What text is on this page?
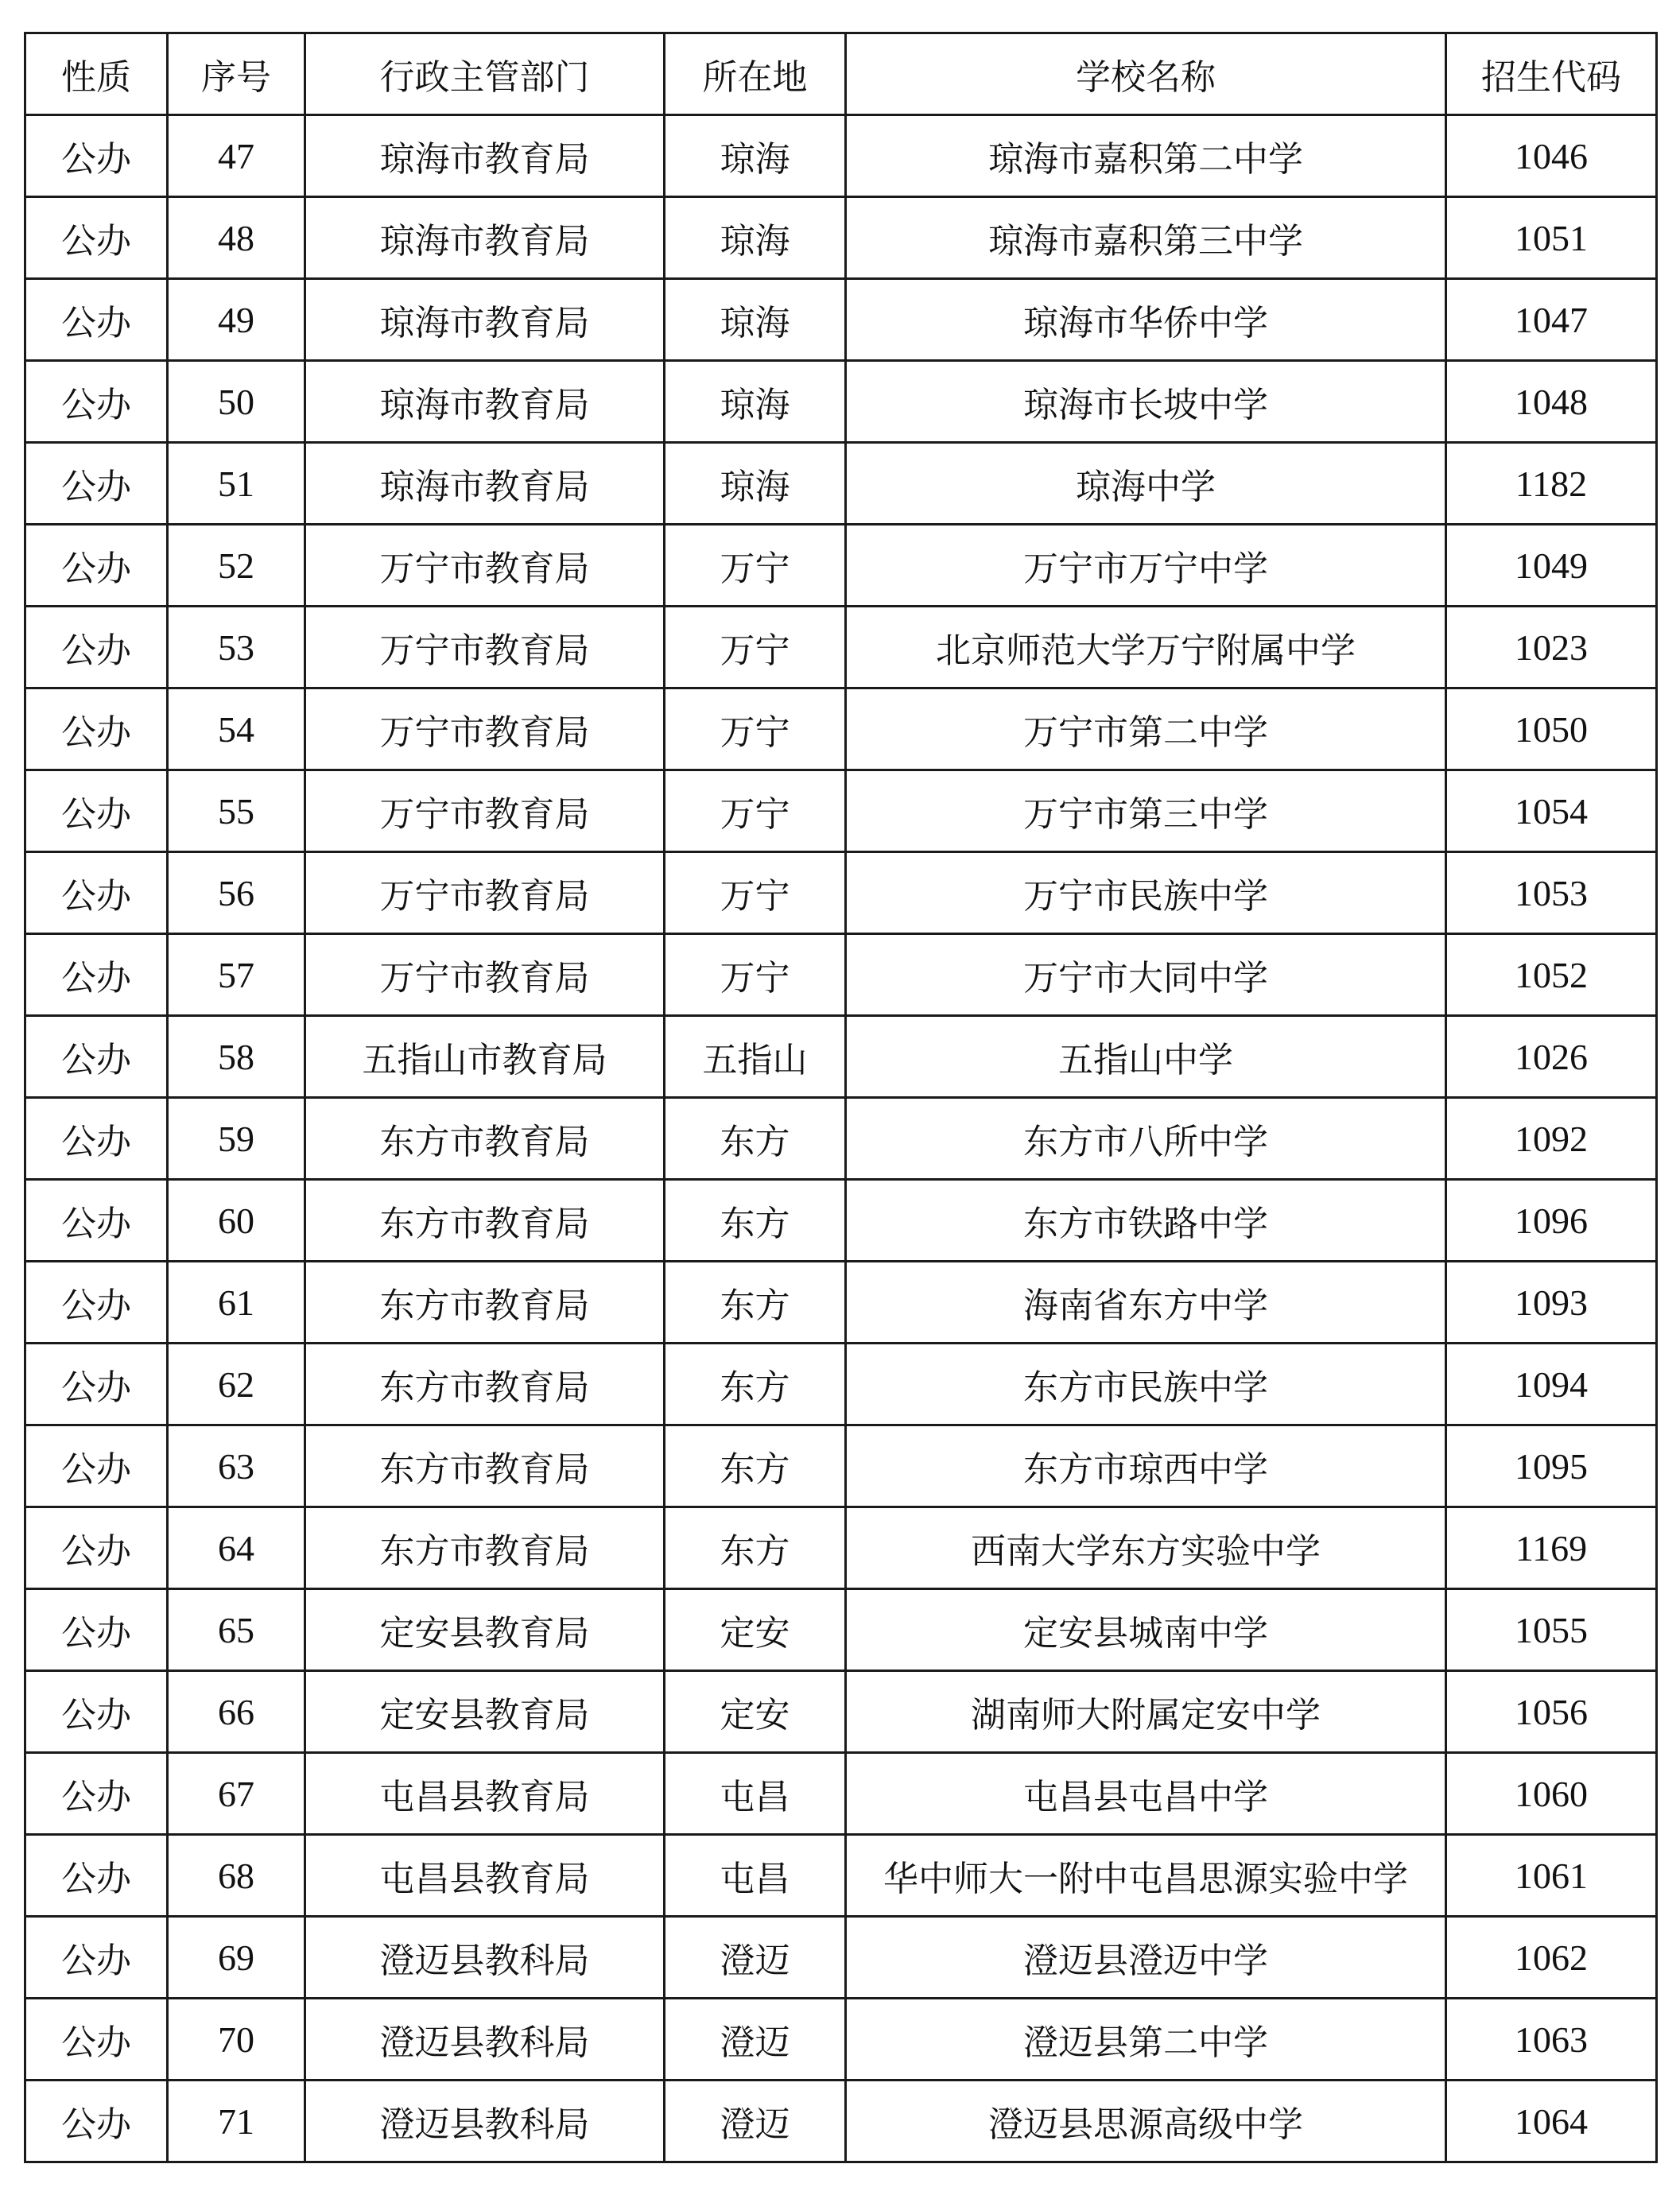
性质	序号	行政主管部门	所在地	学校名称	招生代码
公办	47	琼海市教育局	琼海	琼海市嘉积第二中学	1046
公办	48	琼海市教育局	琼海	琼海市嘉积第三中学	1051
公办	49	琼海市教育局	琼海	琼海市华侨中学	1047
公办	50	琼海市教育局	琼海	琼海市长坡中学	1048
公办	51	琼海市教育局	琼海	琼海中学	1182
公办	52	万宁市教育局	万宁	万宁市万宁中学	1049
公办	53	万宁市教育局	万宁	北京师范大学万宁附属中学	1023
公办	54	万宁市教育局	万宁	万宁市第二中学	1050
公办	55	万宁市教育局	万宁	万宁市第三中学	1054
公办	56	万宁市教育局	万宁	万宁市民族中学	1053
公办	57	万宁市教育局	万宁	万宁市大同中学	1052
公办	58	五指山市教育局	五指山	五指山中学	1026
公办	59	东方市教育局	东方	东方市八所中学	1092
公办	60	东方市教育局	东方	东方市铁路中学	1096
公办	61	东方市教育局	东方	海南省东方中学	1093
公办	62	东方市教育局	东方	东方市民族中学	1094
公办	63	东方市教育局	东方	东方市琼西中学	1095
公办	64	东方市教育局	东方	西南大学东方实验中学	1169
公办	65	定安县教育局	定安	定安县城南中学	1055
公办	66	定安县教育局	定安	湖南师大附属定安中学	1056
公办	67	屯昌县教育局	屯昌	屯昌县屯昌中学	1060
公办	68	屯昌县教育局	屯昌	华中师大一附中屯昌思源实验中学	1061
公办	69	澄迈县教科局	澄迈	澄迈县澄迈中学	1062
公办	70	澄迈县教科局	澄迈	澄迈县第二中学	1063
公办	71	澄迈县教科局	澄迈	澄迈县思源高级中学	1064
